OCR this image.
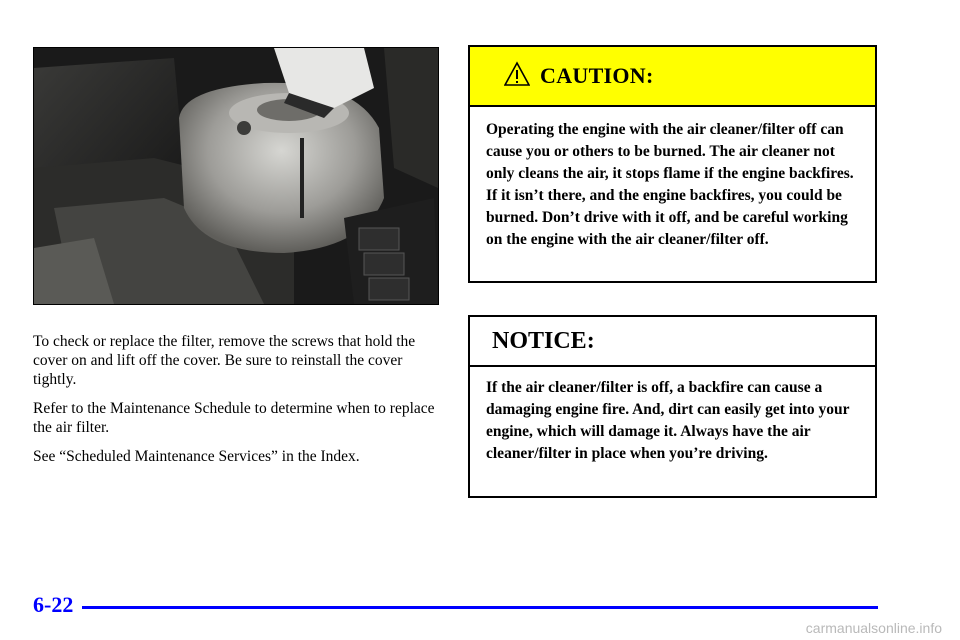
To check or replace the filter, remove the screws that hold the cover on and lift off the cover. Be sure to reinstall the cover tightly.

Refer to the Maintenance Schedule to determine when to replace the air filter.

See “Scheduled Maintenance Services” in the Index.

CAUTION:
Operating the engine with the air cleaner/filter off can cause you or others to be burned. The air cleaner not only cleans the air, it stops flame if the engine backfires. If it isn’t there, and the engine backfires, you could be burned. Don’t drive with it off, and be careful working on the engine with the air cleaner/filter off.
NOTICE:
If the air cleaner/filter is off, a backfire can cause a damaging engine fire. And, dirt can easily get into your engine, which will damage it. Always have the air cleaner/filter in place when you’re driving.
6-22
carmanualsonline.info
